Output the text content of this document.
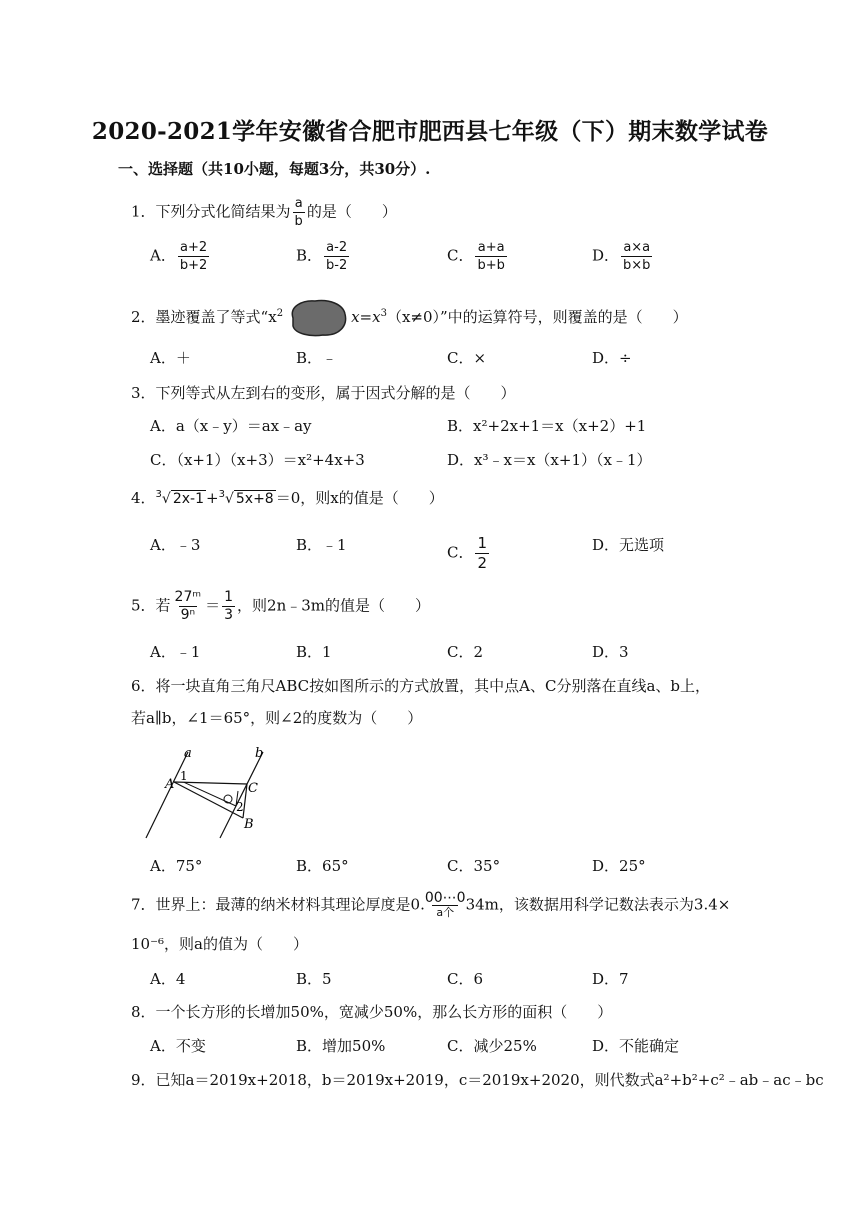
2020-2021学年安徽省合肥市肥西县七年级（下）期末数学试卷
一、选择题（共10小题，每题3分，共30分）.
1．下列分式化简结果为 $\frac{a}{b}$ 的是（　　）
A． $\frac{a+2}{b+2}$	B． $\frac{a-2}{b-2}$	C． $\frac{a+a}{b+b}$	D． $\frac{a\times a}{b\times b}$
2．墨迹覆盖了等式“$x^2$	$x=x^3(x\ne 0)$”中的运算符号，则覆盖的是（　　）
A．＋	B．﹣	C．×	D．÷
3．下列等式从左到右的变形，属于因式分解的是（　　）
A．a（x﹣y）＝ax﹣ay	B．x²+2x+1＝x（x+2）+1
C．（x+1）（x+3）＝x²+4x+3	D．x³﹣x＝x（x+1）（x﹣1）
4．$^3$√ 2x-1 +$^3$√ 5x+8 ＝0，则x的值是（　　）
A．﹣3	B．﹣1	C． $\frac{1}{2}$	D．无选项
5．若 $\frac{\text{27ᵐ}}{\text{9ⁿ}} = \frac{1}{3}$ ，则2n﹣3m的值是（　　）
A．﹣1	B．1	C．2	D．3
6．将一块直角三角尺ABC按如图所示的方式放置，其中点A、C分别落在直线a、b上，
若a∥b，∠1＝65°，则∠2的度数为（　　）
a	b
A
1
C
2
B
A．75°	B．65°	C．35°	D．25°
7．世界上：最薄的纳米材料其理论厚度是0. 00⋯0
a个 34m，该数据用科学记数法表示为3.4×
10⁻⁶，则a的值为（　　）
A．4	B．5	C．6	D．7
8．一个长方形的长增加50%，宽减少50%，那么长方形的面积（　　）
A．不变	B．增加50%	C．减少25%	D．不能确定
9．已知a＝2019x+2018，b＝2019x+2019，c＝2019x+2020，则代数式a²+b²+c²﹣ab﹣ac﹣bc
